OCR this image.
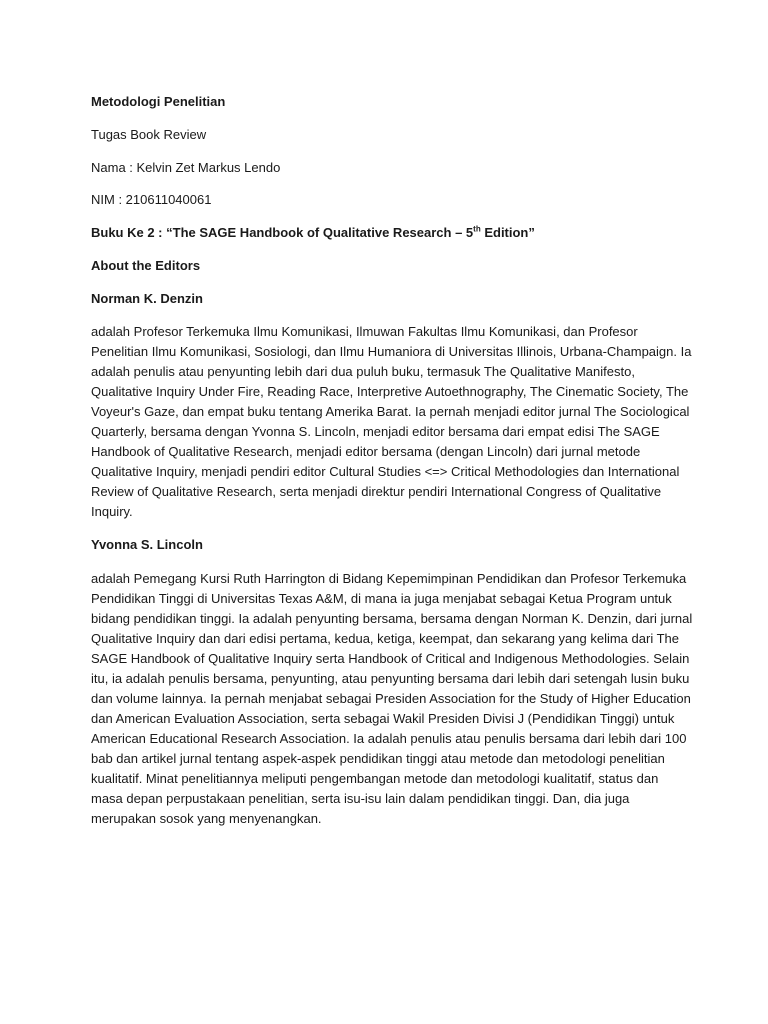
Metodologi Penelitian
Tugas Book Review
Nama : Kelvin Zet Markus Lendo
NIM : 210611040061
Buku Ke 2 : “The SAGE Handbook of Qualitative Research – 5th Edition”
About the Editors
Norman K. Denzin
adalah Profesor Terkemuka Ilmu Komunikasi, Ilmuwan Fakultas Ilmu Komunikasi, dan Profesor
Penelitian Ilmu Komunikasi, Sosiologi, dan Ilmu Humaniora di Universitas Illinois, Urbana-Champaign. Ia
adalah penulis atau penyunting lebih dari dua puluh buku, termasuk The Qualitative Manifesto,
Qualitative Inquiry Under Fire, Reading Race, Interpretive Autoethnography, The Cinematic Society, The
Voyeur's Gaze, dan empat buku tentang Amerika Barat. Ia pernah menjadi editor jurnal The Sociological
Quarterly, bersama dengan Yvonna S. Lincoln, menjadi editor bersama dari empat edisi The SAGE
Handbook of Qualitative Research, menjadi editor bersama (dengan Lincoln) dari jurnal metode
Qualitative Inquiry, menjadi pendiri editor Cultural Studies <=> Critical Methodologies dan International
Review of Qualitative Research, serta menjadi direktur pendiri International Congress of Qualitative
Inquiry.
Yvonna S. Lincoln
adalah Pemegang Kursi Ruth Harrington di Bidang Kepemimpinan Pendidikan dan Profesor Terkemuka
Pendidikan Tinggi di Universitas Texas A&M, di mana ia juga menjabat sebagai Ketua Program untuk
bidang pendidikan tinggi. Ia adalah penyunting bersama, bersama dengan Norman K. Denzin, dari jurnal
Qualitative Inquiry dan dari edisi pertama, kedua, ketiga, keempat, dan sekarang yang kelima dari The
SAGE Handbook of Qualitative Inquiry serta Handbook of Critical and Indigenous Methodologies. Selain
itu, ia adalah penulis bersama, penyunting, atau penyunting bersama dari lebih dari setengah lusin buku
dan volume lainnya. Ia pernah menjabat sebagai Presiden Association for the Study of Higher Education
dan American Evaluation Association, serta sebagai Wakil Presiden Divisi J (Pendidikan Tinggi) untuk
American Educational Research Association. Ia adalah penulis atau penulis bersama dari lebih dari 100
bab dan artikel jurnal tentang aspek-aspek pendidikan tinggi atau metode dan metodologi penelitian
kualitatif. Minat penelitiannya meliputi pengembangan metode dan metodologi kualitatif, status dan
masa depan perpustakaan penelitian, serta isu-isu lain dalam pendidikan tinggi. Dan, dia juga
merupakan sosok yang menyenangkan.
